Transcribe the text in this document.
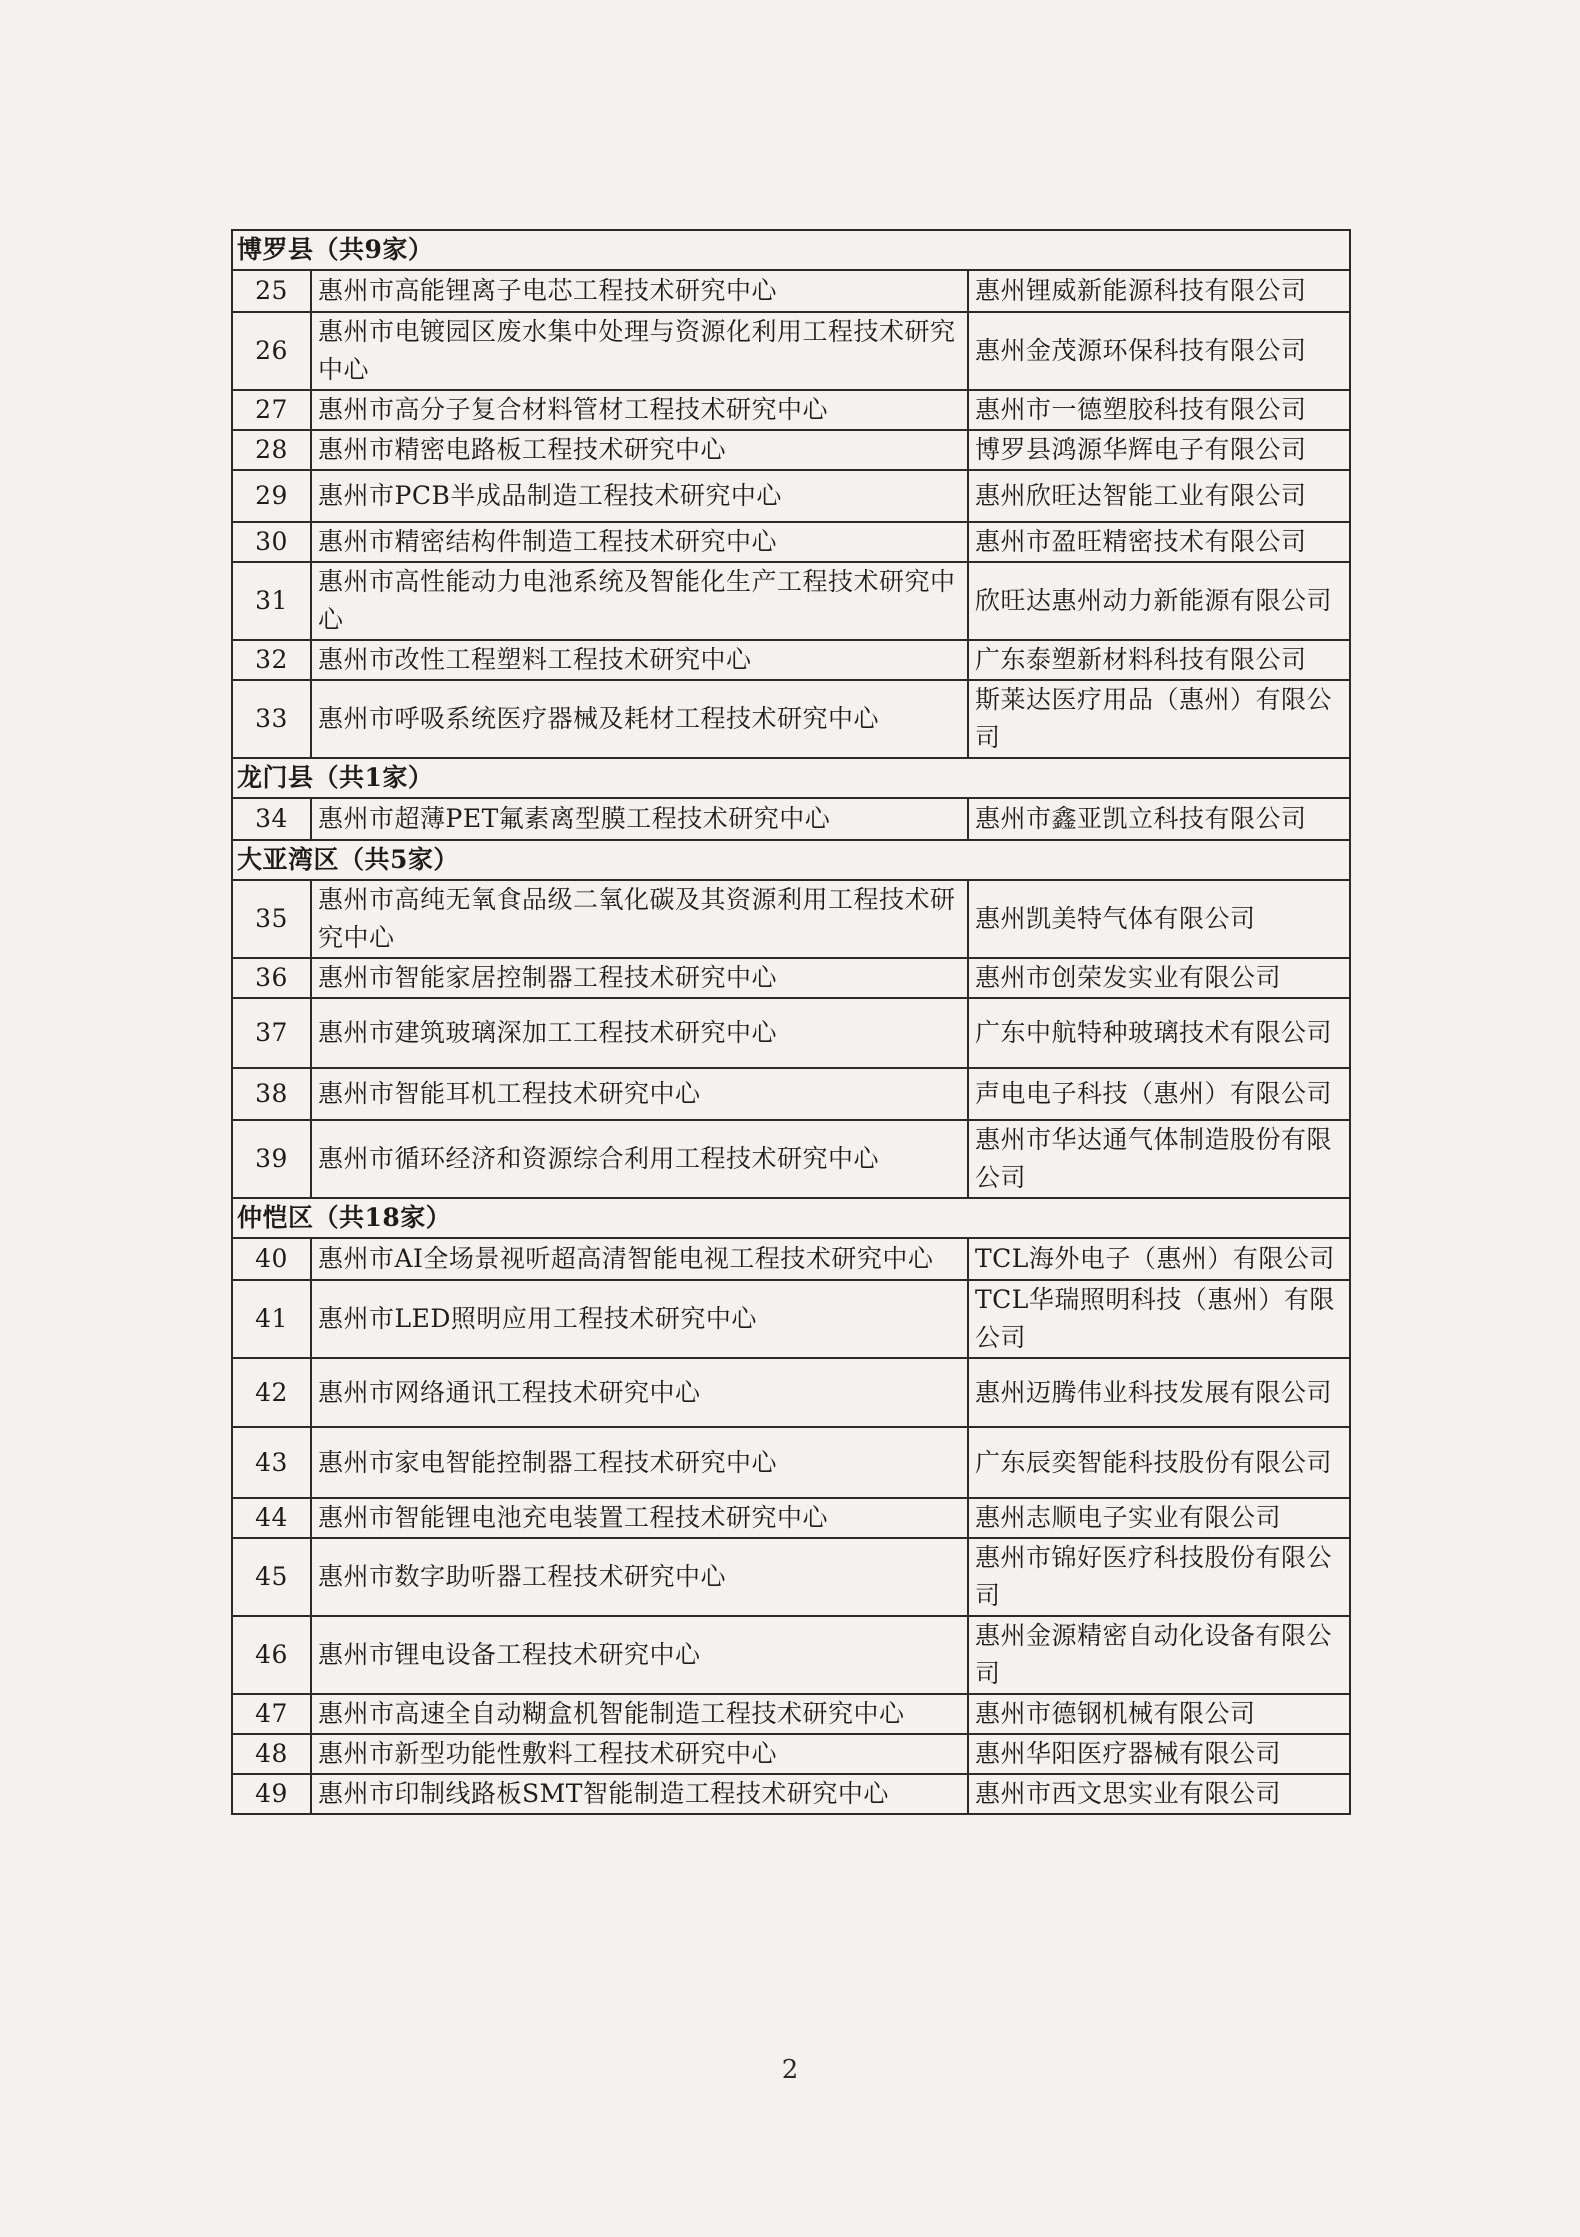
博罗县（共9家）		
25	惠州市高能锂离子电芯工程技术研究中心	惠州锂威新能源科技有限公司
26	惠州市电镀园区废水集中处理与资源化利用工程技术研究中心	惠州金茂源环保科技有限公司
27	惠州市高分子复合材料管材工程技术研究中心	惠州市一德塑胶科技有限公司
28	惠州市精密电路板工程技术研究中心	博罗县鸿源华辉电子有限公司
29	惠州市PCB半成品制造工程技术研究中心	惠州欣旺达智能工业有限公司
30	惠州市精密结构件制造工程技术研究中心	惠州市盈旺精密技术有限公司
31	惠州市高性能动力电池系统及智能化生产工程技术研究中心	欣旺达惠州动力新能源有限公司
32	惠州市改性工程塑料工程技术研究中心	广东泰塑新材料科技有限公司
33	惠州市呼吸系统医疗器械及耗材工程技术研究中心	斯莱达医疗用品（惠州）有限公司
龙门县（共1家）		
34	惠州市超薄PET氟素离型膜工程技术研究中心	惠州市鑫亚凯立科技有限公司
大亚湾区（共5家）		
35	惠州市高纯无氧食品级二氧化碳及其资源利用工程技术研究中心	惠州凯美特气体有限公司
36	惠州市智能家居控制器工程技术研究中心	惠州市创荣发实业有限公司
37	惠州市建筑玻璃深加工工程技术研究中心	广东中航特种玻璃技术有限公司
38	惠州市智能耳机工程技术研究中心	声电电子科技（惠州）有限公司
39	惠州市循环经济和资源综合利用工程技术研究中心	惠州市华达通气体制造股份有限公司
仲恺区（共18家）		
40	惠州市AI全场景视听超高清智能电视工程技术研究中心	TCL海外电子（惠州）有限公司
41	惠州市LED照明应用工程技术研究中心	TCL华瑞照明科技（惠州）有限公司
42	惠州市网络通讯工程技术研究中心	惠州迈腾伟业科技发展有限公司
43	惠州市家电智能控制器工程技术研究中心	广东辰奕智能科技股份有限公司
44	惠州市智能锂电池充电装置工程技术研究中心	惠州志顺电子实业有限公司
45	惠州市数字助听器工程技术研究中心	惠州市锦好医疗科技股份有限公司
46	惠州市锂电设备工程技术研究中心	惠州金源精密自动化设备有限公司
47	惠州市高速全自动糊盒机智能制造工程技术研究中心	惠州市德钢机械有限公司
48	惠州市新型功能性敷料工程技术研究中心	惠州华阳医疗器械有限公司
49	惠州市印制线路板SMT智能制造工程技术研究中心	惠州市西文思实业有限公司
2
